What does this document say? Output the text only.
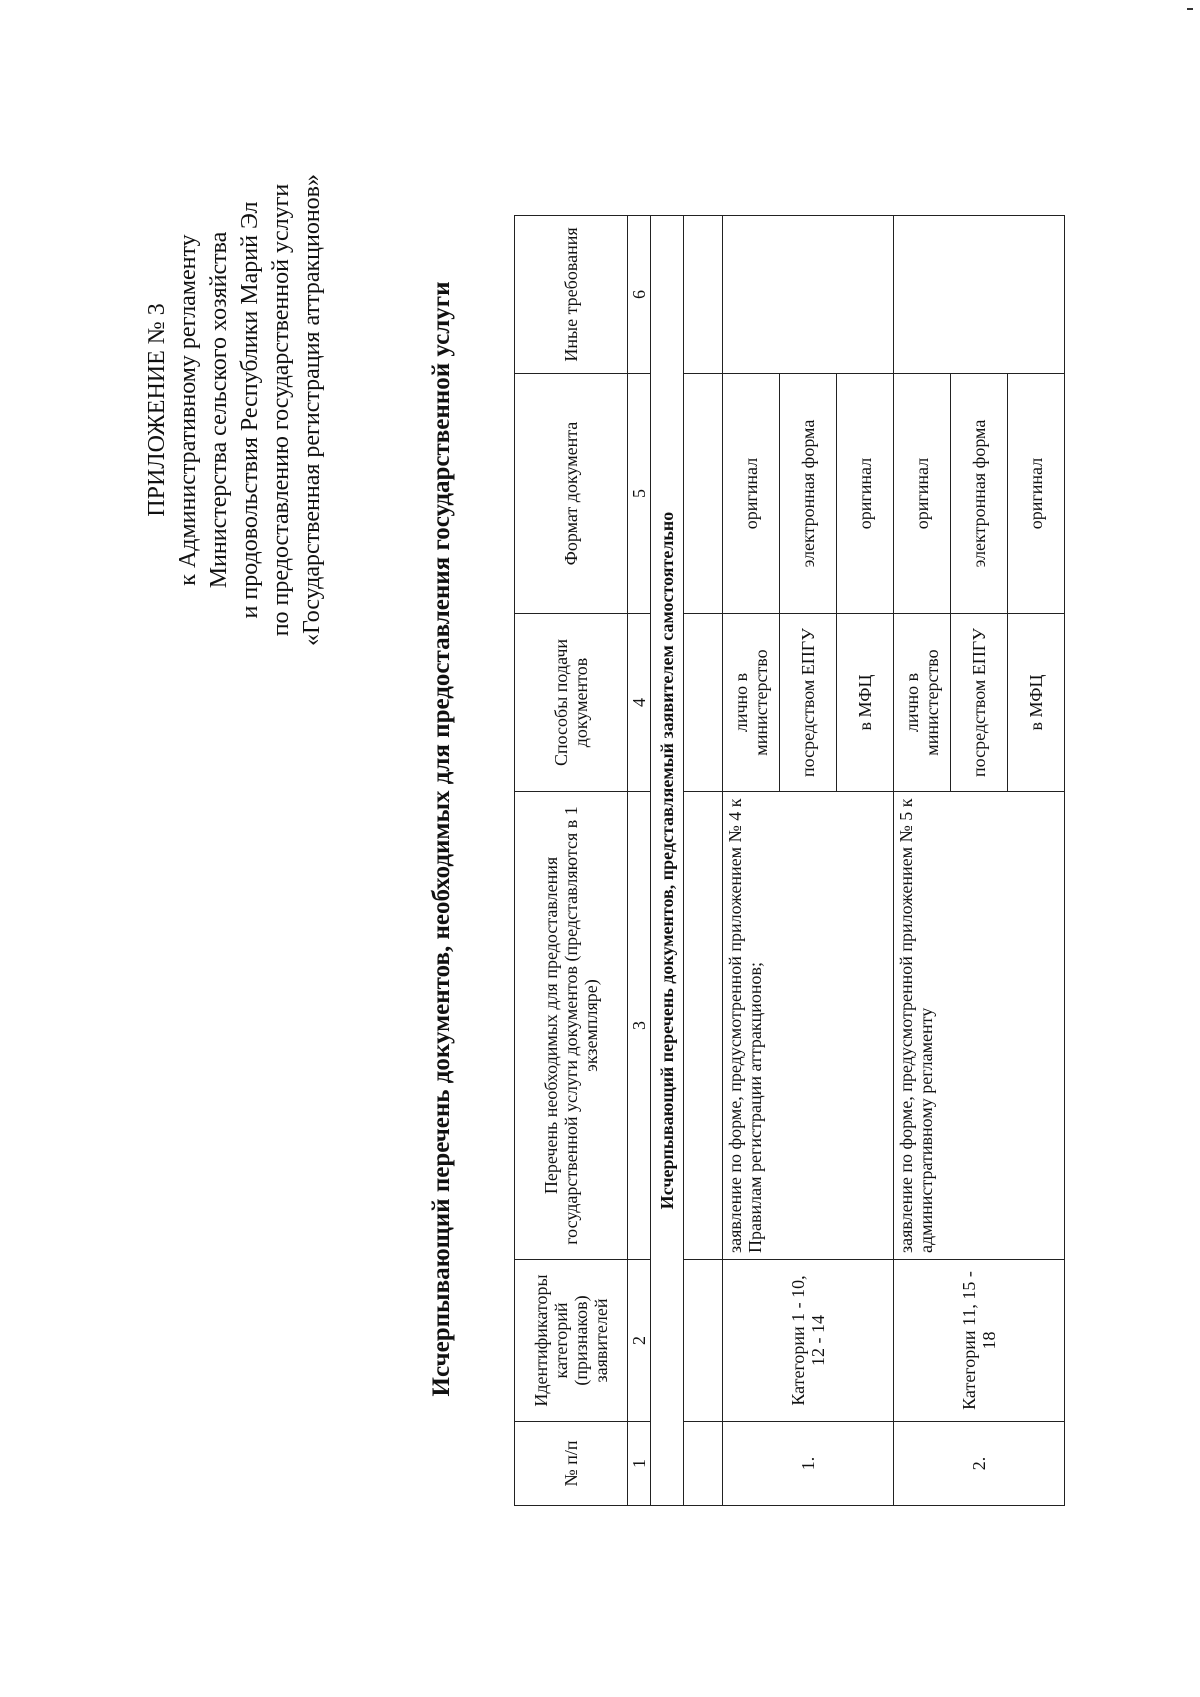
ПРИЛОЖЕНИЕ № 3 к Административному регламенту Министерства сельского хозяйства и продовольствия Республики Марий Эл по предоставлению государственной услуги «Государственная регистрация аттракционов»	Исчерпывающий перечень документов, необходимых для предоставления государственной услуги
№ п/п	Идентификаторы категорий (признаков) заявителей	Перечень необходимых для предоставления государственной услуги документов (представляются в 1 экземпляре)	Способы подачи документов	Формат документа	Иные требования
1	2	3	4	5	6
Исчерпывающий перечень документов, представляемый заявителем самостоятельно					

1.	Категории 1 - 10, 12 - 14	заявление по форме, предусмотренной приложением № 4 к Правилам регистрации аттракционов;	лично в министерство	оригинал	
			посредством ЕПГУ	электронная форма	
			в МФЦ	оригинал	
2.	Категории 11, 15 - 18	заявление по форме, предусмотренной приложением № 5 к административному регламенту	лично в министерство	оригинал	
			посредством ЕПГУ	электронная форма	
			в МФЦ	оригинал	
